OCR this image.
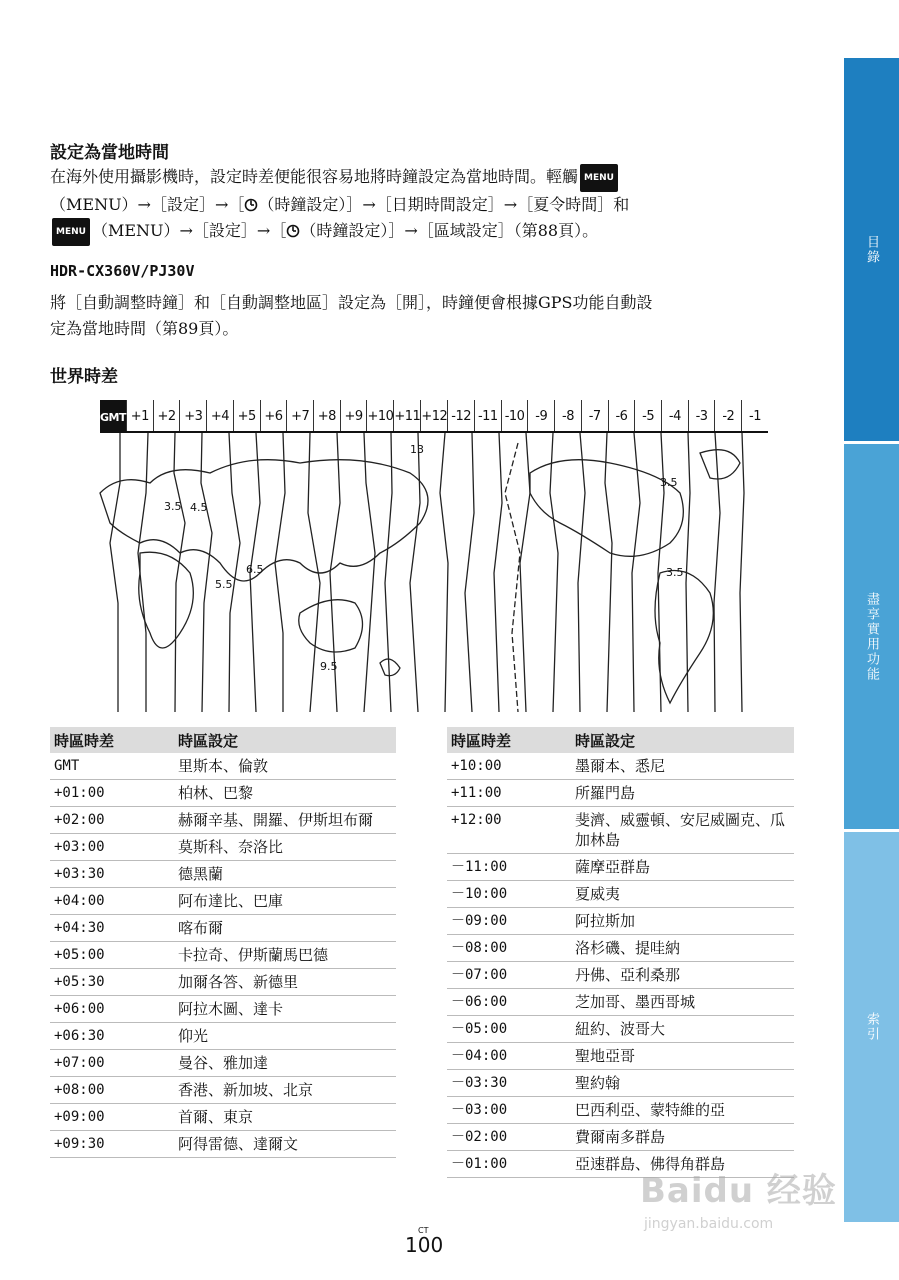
設定為當地時間
在海外使用攝影機時，設定時差便能很容易地將時鐘設定為當地時間。輕觸 MENU
（MENU）→［設定］→［ （時鐘設定）］→［日期時間設定］→［夏令時間］和
MENU （MENU）→［設定］→［ （時鐘設定）］→［區域設定］（第88頁）。
HDR-CX360V/PJ30V
將［自動調整時鐘］和［自動調整地區］設定為［開］，時鐘便會根據GPS功能自動設
定為當地時間（第89頁）。
世界時差
GMT +1 +2 +3 +4 +5 +6 +7 +8 +9 +10 +11 +12 -12 -11 -10 -9	-8	-7	-6	-5	-4	-3	-2	-1
13
3.5 4.5
5.5
6.5
9.5
3.5
3.5
時區時差	時區設定
GMT	里斯本、倫敦
+01:00	柏林、巴黎
+02:00	赫爾辛基、開羅、伊斯坦布爾
+03:00	莫斯科、奈洛比
+03:30	德黑蘭
+04:00	阿布達比、巴庫
+04:30	喀布爾
+05:00	卡拉奇、伊斯蘭馬巴德
+05:30	加爾各答、新德里
+06:00	阿拉木圖、達卡
+06:30	仰光
+07:00	曼谷、雅加達
+08:00	香港、新加坡、北京
+09:00	首爾、東京
+09:30	阿得雷德、達爾文
時區時差	時區設定
+10:00	墨爾本、悉尼
+11:00	所羅門島
+12:00	斐濟、威靈頓、安尼威圖克、瓜加林島
－11:00	薩摩亞群島
－10:00	夏威夷
－09:00	阿拉斯加
－08:00	洛杉磯、提哇納
－07:00	丹佛、亞利桑那
－06:00	芝加哥、墨西哥城
－05:00	紐約、波哥大
－04:00	聖地亞哥
－03:30	聖約翰
－03:00	巴西利亞、蒙特維的亞
－02:00	費爾南多群島
－01:00	亞速群島、佛得角群島
目錄
盡享實用功能
索引
CT
100
Baidu 经验
jingyan.baidu.com
